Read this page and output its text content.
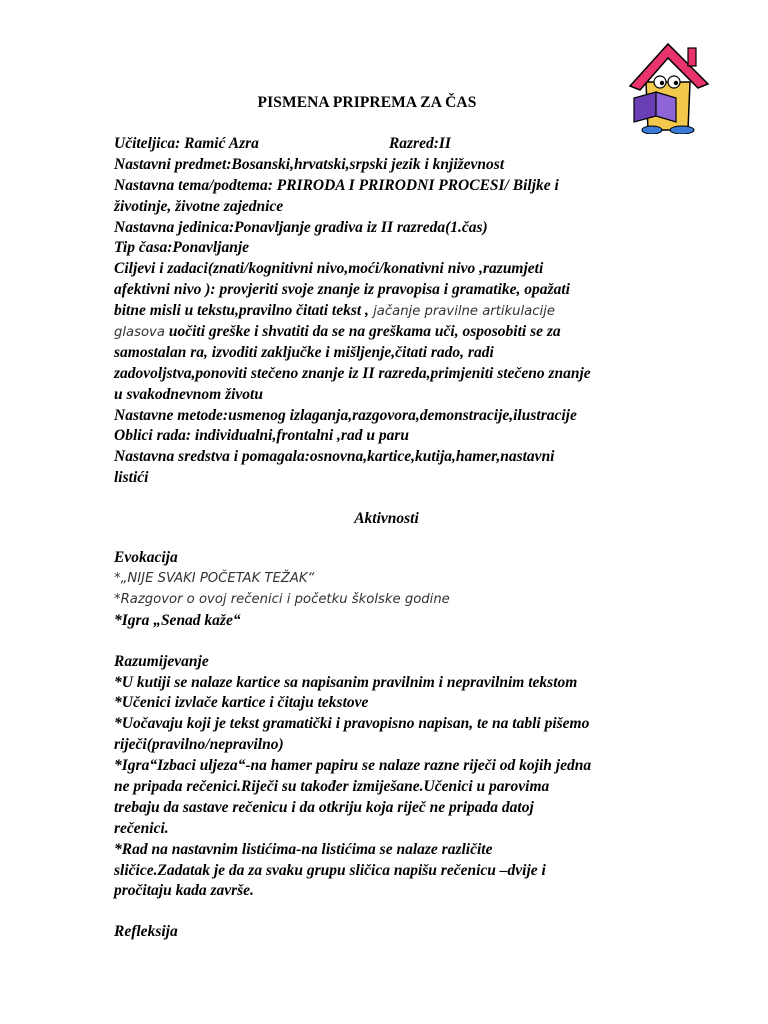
PISMENA PRIPREMA ZA ČAS
Učiteljica: Ramić Azra	Razred:II
Nastavni predmet:Bosanski,hrvatski,srpski jezik i književnost
Nastavna tema/podtema: PRIRODA I PRIRODNI PROCESI/ Biljke i
životinje, životne zajednice
Nastavna jedinica:Ponavljanje gradiva iz II razreda(1.čas)
Tip časa:Ponavljanje
Ciljevi i zadaci(znati/kognitivni nivo,moći/konativni nivo ,razumjeti
afektivni nivo ): provjeriti svoje znanje iz pravopisa i gramatike, opažati
bitne misli u tekstu,pravilno čitati tekst , jačanje pravilne artikulacije
glasova uočiti greške i shvatiti da se na greškama uči, osposobiti se za
samostalan ra, izvoditi zaključke i mišljenje,čitati rado, radi
zadovoljstva,ponoviti stečeno znanje iz II razreda,primjeniti stečeno znanje
u svakodnevnom životu
Nastavne metode:usmenog izlaganja,razgovora,demonstracije,ilustracije
Oblici rada: individualni,frontalni ,rad u paru
Nastavna sredstva i pomagala:osnovna,kartice,kutija,hamer,nastavni
listići
Aktivnosti
Evokacija
*„NIJE SVAKI POČETAK TEŽAK“
*Razgovor o ovoj rečenici i početku školske godine
*Igra „Senad kaže“
Razumijevanje
*U kutiji se nalaze kartice sa napisanim pravilnim i nepravilnim tekstom
*Učenici izvlače kartice i čitaju tekstove
*Uočavaju koji je tekst gramatički i pravopisno napisan, te na tabli pišemo
riječi(pravilno/nepravilno)
*Igra“Izbaci uljeza“-na hamer papiru se nalaze razne riječi od kojih jedna
ne pripada rečenici.Riječi su također izmiješane.Učenici u parovima
trebaju da sastave rečenicu i da otkriju koja riječ ne pripada datoj
rečenici.
*Rad na nastavnim listićima-na listićima se nalaze različite
sličice.Zadatak je da za svaku grupu sličica napišu rečenicu –dvije i
pročitaju kada završe.
Refleksija
